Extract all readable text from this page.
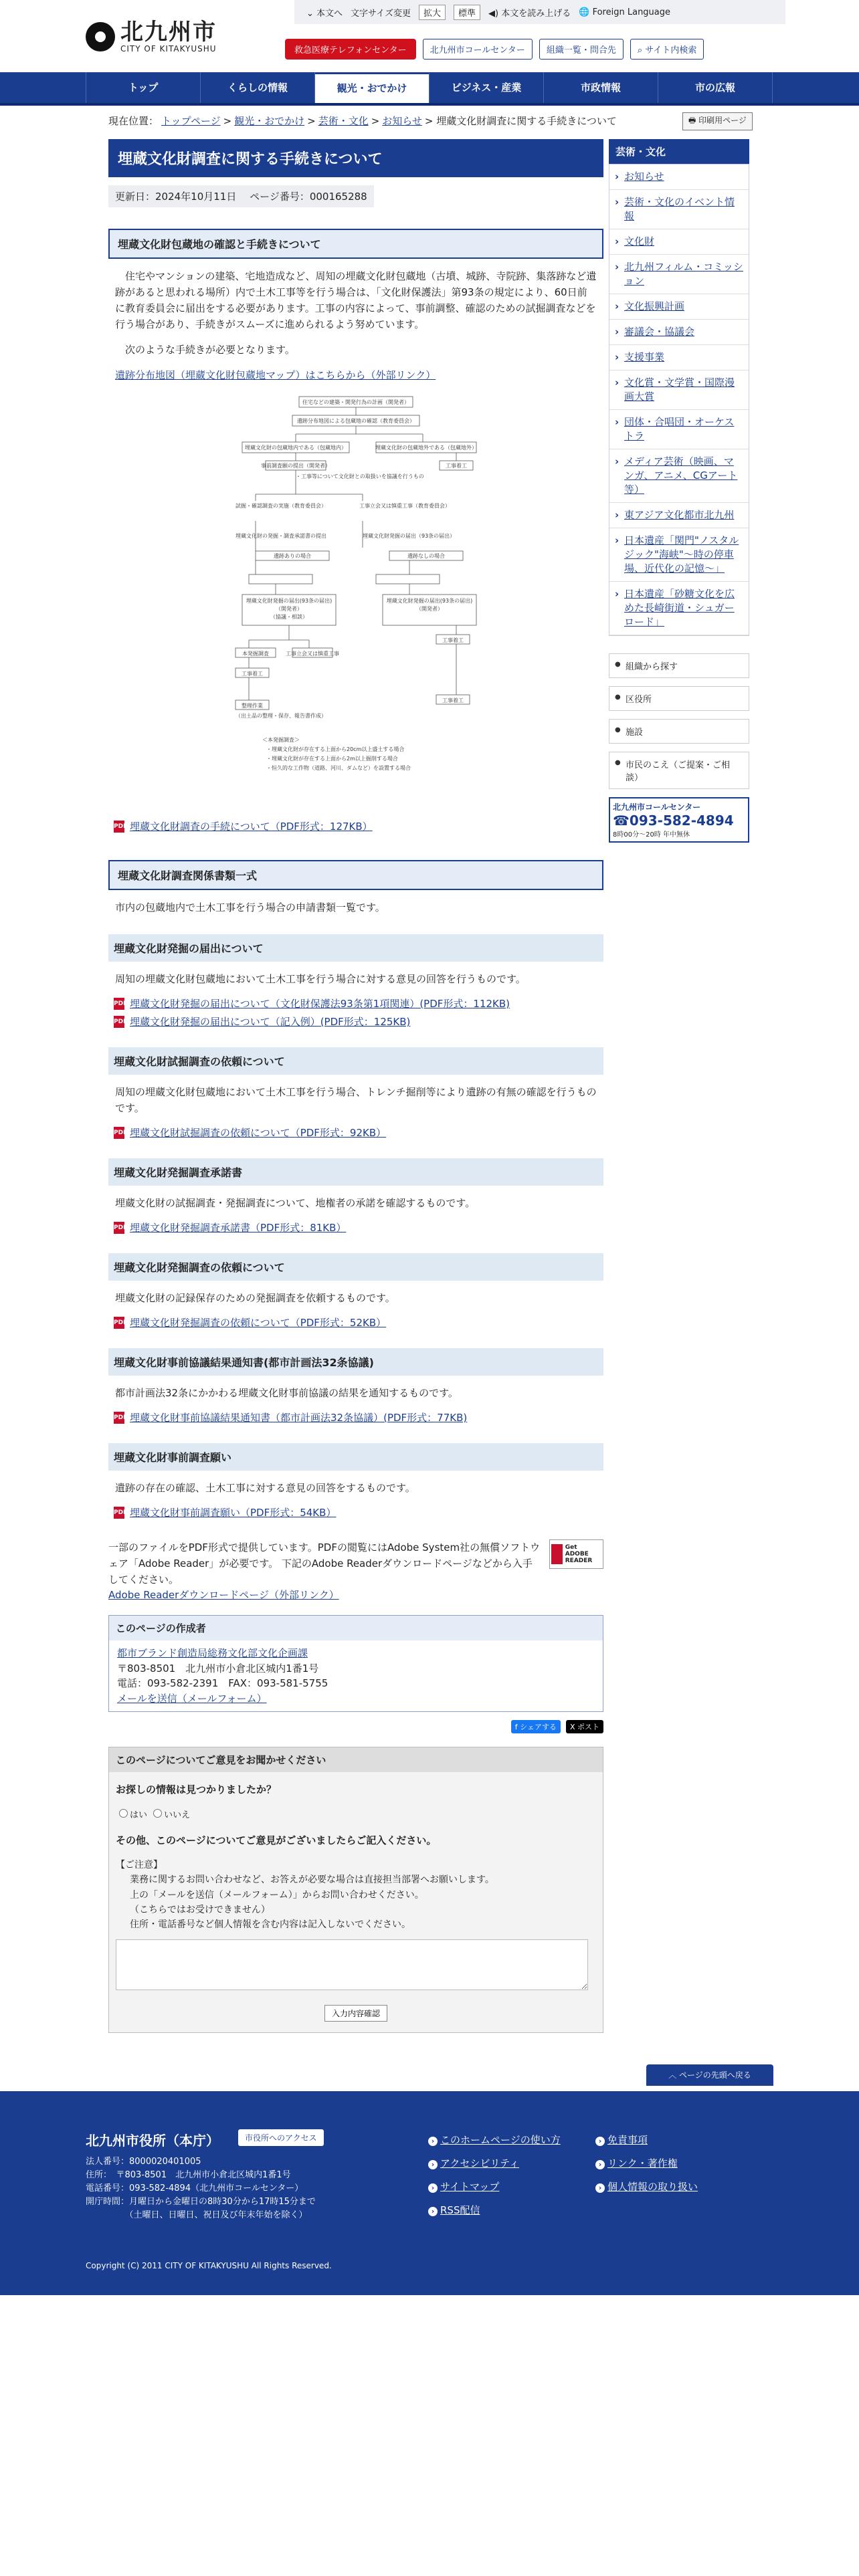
北九州市
CITY OF KITAKYUSHU
⌄ 本文へ 文字サイズ変更	拡大	標準	◀) 本文を読み上げる 🌐 Foreign Language
救急医療テレフォンセンター	北九州市コールセンター	組織一覧・問合先	⌕ サイト内検索
トップ	くらしの情報	観光・おでかけ	ビジネス・産業	市政情報	市の広報
現在位置： トップページ > 観光・おでかけ > 芸術・文化 > お知らせ > 埋蔵文化財調査に関する手続きについて	🖶 印刷用ページ
埋蔵文化財調査に関する手続きについて
更新日：2024年10月11日　 ページ番号：000165288
埋蔵文化財包蔵地の確認と手続きについて

住宅やマンションの建築、宅地造成など、周知の埋蔵文化財包蔵地（古墳、城跡、寺院跡、集落跡など遺跡があると思われる場所）内で土木工事等を行う場合は、「文化財保護法」第93条の規定により、60日前に教育委員会に届出をする必要があります。工事の内容によって、事前調整、確認のための試掘調査などを行う場合があり、手続きがスムーズに進められるよう努めています。

次のような手続きが必要となります。

遺跡分布地図（埋蔵文化財包蔵地マップ）はこちらから（外部リンク）

住宅などの建築・開発行為の計画（開発者）
遺跡分布地図による包蔵地の確認（教育委員会）
埋蔵文化財の包蔵地内である（包蔵地内）	埋蔵文化財の包蔵地外である（包蔵地外）
事前調査願の提出（開発者）
・工事等について文化財との取扱いを協議を行うもの
工事着工
試掘・確認調査の実施（教育委員会）	工事立会又は慎重工事（教育委員会）
埋蔵文化財の発掘・調査承諾書の提出	埋蔵文化財発掘の届出（93条の届出）
遺跡ありの場合	遺跡なしの場合
埋蔵文化財発掘の届出(93条の届出)
（開発者）
（協議・相談）
埋蔵文化財発掘の届出(93条の届出)
（開発者）
工事着工
本発掘調査	工事立会又は慎重工事
工事着工
工事着工
整理作業
（出土品の整理・保存、報告書作成）
＜本発掘調査＞
・埋蔵文化財が存在する上面から20cm以上盛土する場合
・埋蔵文化財が存在する上面から2m以上掘削する場合
・恒久的な工作物（道路、河川、ダムなど）を設置する場合
PDF 埋蔵文化財調査の手続について（PDF形式：127KB）
埋蔵文化財調査関係書類一式

市内の包蔵地内で土木工事を行う場合の申請書類一覧です。

埋蔵文化財発掘の届出について

周知の埋蔵文化財包蔵地において土木工事を行う場合に対する意見の回答を行うものです。

PDF 埋蔵文化財発掘の届出について（文化財保護法93条第1項関連）(PDF形式：112KB)
PDF 埋蔵文化財発掘の届出について（記入例）(PDF形式：125KB)
埋蔵文化財試掘調査の依頼について

周知の埋蔵文化財包蔵地において土木工事を行う場合、トレンチ掘削等により遺跡の有無の確認を行うものです。

PDF 埋蔵文化財試掘調査の依頼について（PDF形式：92KB）
埋蔵文化財発掘調査承諾書

埋蔵文化財の試掘調査・発掘調査について、地権者の承諾を確認するものです。

PDF 埋蔵文化財発掘調査承諾書（PDF形式：81KB）
埋蔵文化財発掘調査の依頼について

埋蔵文化財の記録保存のための発掘調査を依頼するものです。

PDF 埋蔵文化財発掘調査の依頼について（PDF形式：52KB）
埋蔵文化財事前協議結果通知書(都市計画法32条協議)

都市計画法32条にかかわる埋蔵文化財事前協議の結果を通知するものです。

PDF 埋蔵文化財事前協議結果通知書（都市計画法32条協議）(PDF形式：77KB)
埋蔵文化財事前調査願い

遺跡の存在の確認、土木工事に対する意見の回答をするものです。

PDF 埋蔵文化財事前調査願い（PDF形式：54KB）

一部のファイルをPDF形式で提供しています。PDFの閲覧にはAdobe System社の無償ソフトウェア「Adobe Reader」が必要です。 下記のAdobe Readerダウンロードページなどから入手してください。

Adobe Readerダウンロードページ（外部リンク）
Get ADOBE READER
このページの作成者
都市ブランド創造局総務文化部文化企画課
〒803-8501　北九州市小倉北区城内1番1号
電話：093-582-2391　FAX：093-581-5755
メールを送信（メールフォーム）
f シェアする	X ポスト
このページについてご意見をお聞かせください

お探しの情報は見つかりましたか？

はい いいえ

その他、このページについてご意見がございましたらご記入ください。

【ご注意】
業務に関するお問い合わせなど、お答えが必要な場合は直接担当部署へお願いします。
上の「メールを送信（メールフォーム）」からお問い合わせください。
（こちらではお受けできません）
住所・電話番号など個人情報を含む内容は記入しないでください。
入力内容確認
芸術・文化
› お知らせ
› 芸術・文化のイベント情報
› 文化財
› 北九州フィルム・コミッション
› 文化振興計画
› 審議会・協議会
› 支援事業
› 文化賞・文学賞・国際漫画大賞
› 団体・合唱団・オーケストラ
› メディア芸術（映画、マンガ、アニメ、CGアート等）
› 東アジア文化都市北九州
› 日本遺産「関門"ノスタルジック"海峡"～時の停車場、近代化の記憶～」
› 日本遺産「砂糖文化を広めた長崎街道・シュガーロード」
● 組織から探す
● 区役所
● 施設
● 市民のこえ（ご提案・ご相談）
北九州市コールセンター
☎093-582-4894
8時00分～20時 年中無休
︿ ページの先頭へ戻る
北九州市役所（本庁）	市役所へのアクセス
法人番号：8000020401005
住所：　〒803-8501　北九州市小倉北区城内1番1号
電話番号：093-582-4894（北九州市コールセンター）
開庁時間：月曜日から金曜日の8時30分から17時15分まで
　　　　　（土曜日、日曜日、祝日及び年末年始を除く）
› このホームページの使い方	› 免責事項
› アクセシビリティ	› リンク・著作権
› サイトマップ	› 個人情報の取り扱い
› RSS配信
Copyright (C) 2011 CITY OF KITAKYUSHU All Rights Reserved.
